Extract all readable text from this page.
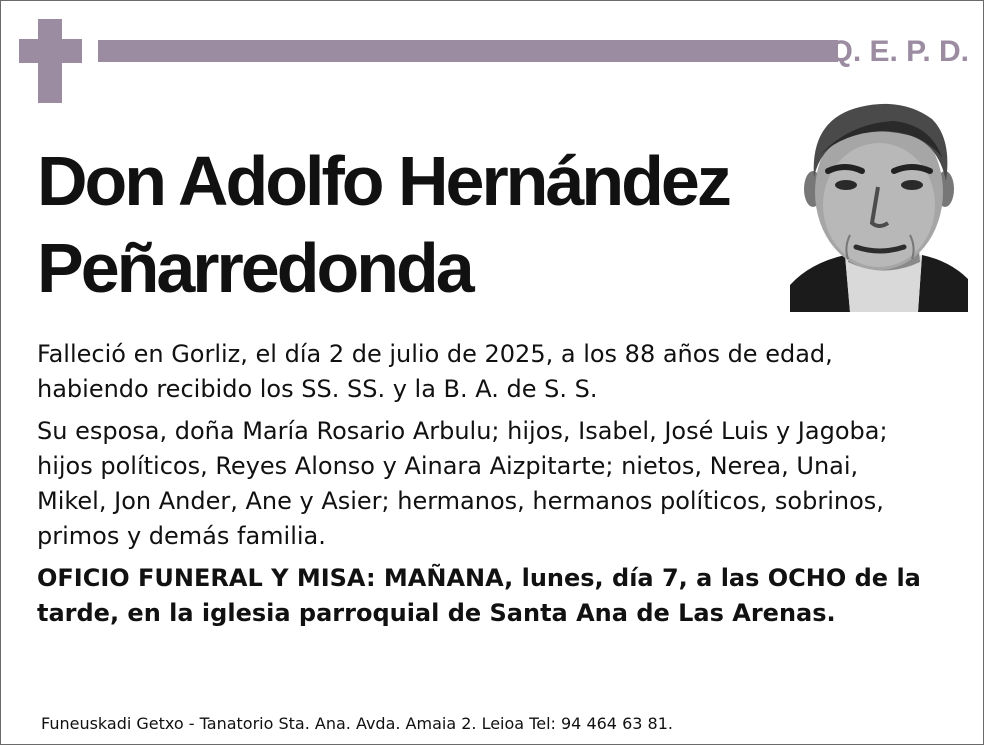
Q. E. P. D.
Don Adolfo Hernández
Peñarredonda

Falleció en Gorliz, el día 2 de julio de 2025, a los 88 años de edad,

habiendo recibido los SS. SS. y la B. A. de S. S.

Su esposa, doña María Rosario Arbulu; hijos, Isabel, José Luis y Jagoba;

hijos políticos, Reyes Alonso y Ainara Aizpitarte; nietos, Nerea, Unai,

Mikel, Jon Ander, Ane y Asier; hermanos, hermanos políticos, sobrinos,

primos y demás familia.

OFICIO FUNERAL Y MISA: MAÑANA, lunes, día 7, a las OCHO de la

tarde, en la iglesia parroquial de Santa Ana de Las Arenas.

Funeuskadi Getxo - Tanatorio Sta. Ana. Avda. Amaia 2. Leioa Tel: 94 464 63 81.
